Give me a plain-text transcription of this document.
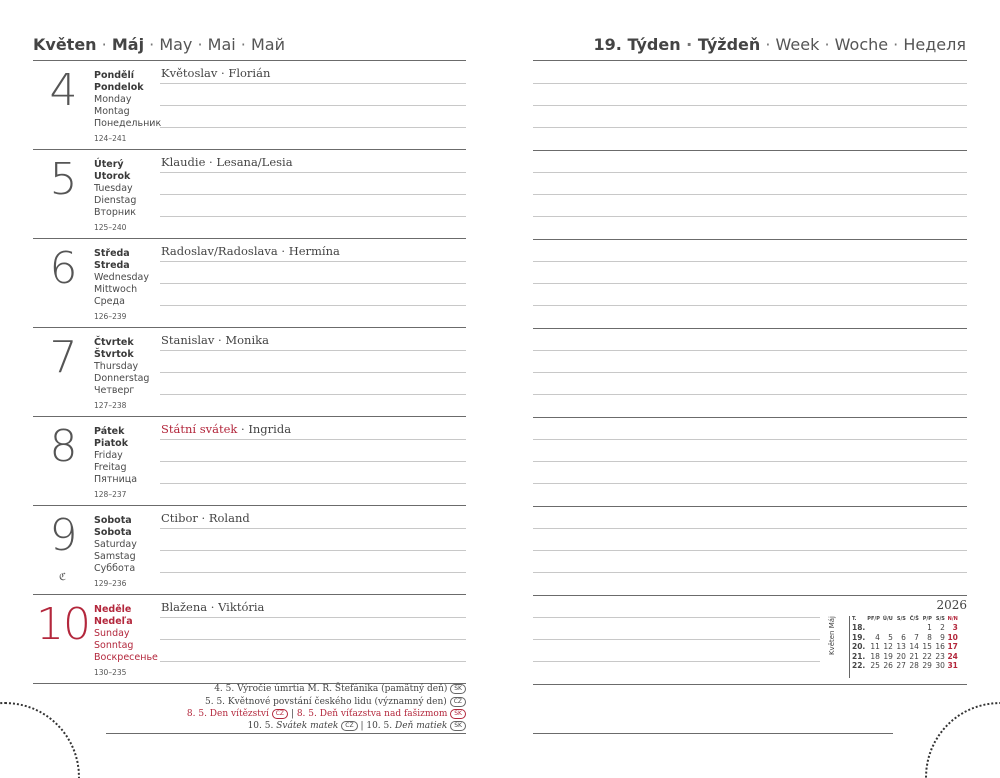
Květen · Máj · May · Mai · Май	19. Týden · Týždeň · Week · Woche · Неделя
4	Pondělí
Pondelok
Monday
Montag
Понедельник
124–241
Květoslav · Florián
5	Úterý
Utorok
Tuesday
Dienstag
Вторник
125–240
Klaudie · Lesana/Lesia
6	Středa
Streda
Wednesday
Mittwoch
Среда
126–239
Radoslav/Radoslava · Hermína
7	Čtvrtek
Štvrtok
Thursday
Donnerstag
Четверг
127–238
Stanislav · Monika
8	Pátek
Piatok
Friday
Freitag
Пятница
128–237
Státní svátek · Ingrida
9	Sobota
Sobota
Saturday
Samstag
Суббота
129–236
Ctibor · Roland
ℭ
10 Neděle
Nedeľa
Sunday
Sonntag
Воскресенье
130–235
Blažena · Viktória
4. 5. Výročie úmrtia M. R. Štefánika (pamätný deň) SK
5. 5. Květnové povstání českého lidu (významný den) CZ
8. 5. Den vítězství CZ | 8. 5. Deň víťazstva nad fašizmom SK
10. 5. Svátek matek CZ | 10. 5. Deň matiek SK
2026
Květen Máj	T.	PF/P	Ú/U	S/S	Č/Š	P/P	S/S	N/N
18.					1	2	3
19.	4	5	6	7	8	9	10
20.	11	12	13	14	15	16	17
21.	18	19	20	21	22	23	24
22.	25	26	27	28	29	30	31
